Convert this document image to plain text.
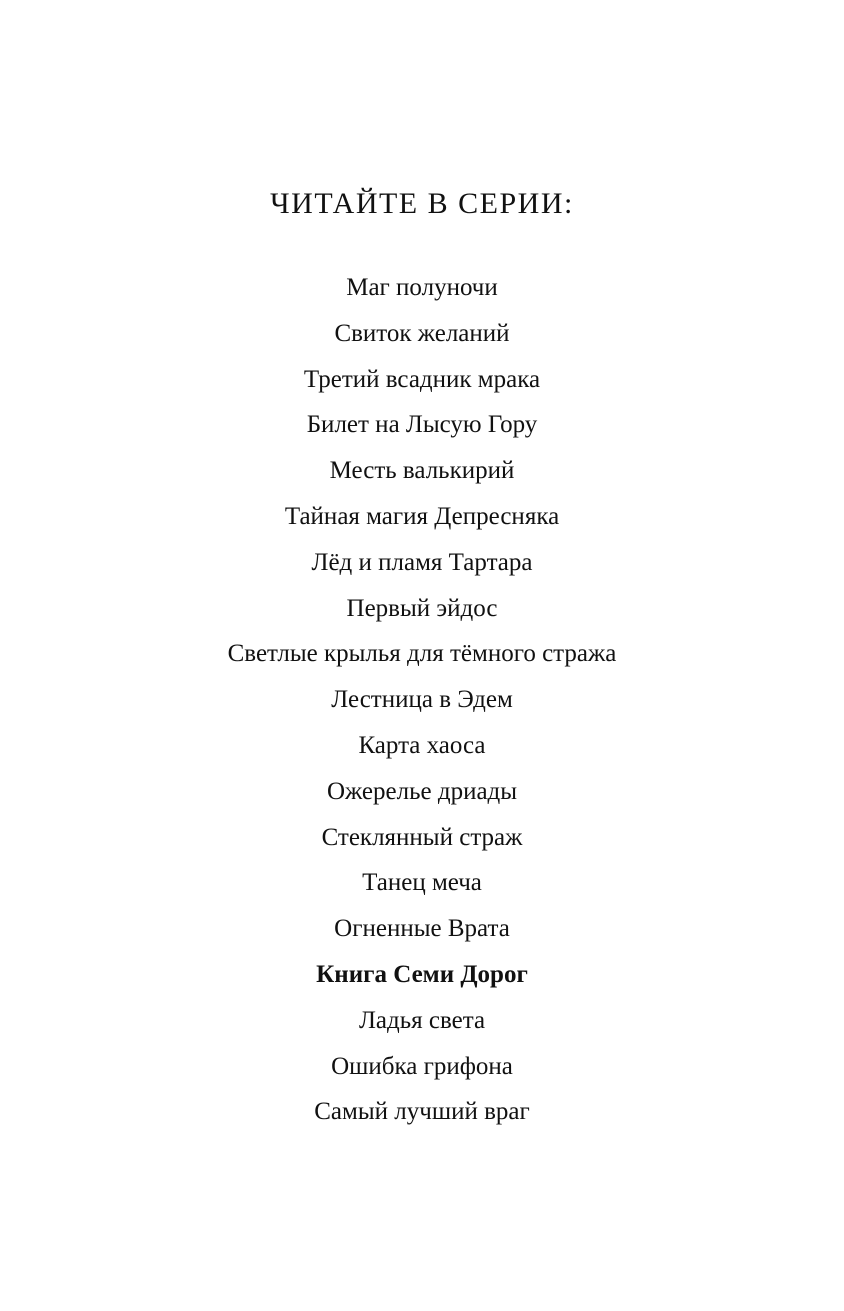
ЧИТАЙТЕ В СЕРИИ:
Маг полуночи
Свиток желаний
Третий всадник мрака
Билет на Лысую Гору
Месть валькирий
Тайная магия Депресняка
Лёд и пламя Тартара
Первый эйдос
Светлые крылья для тёмного стража
Лестница в Эдем
Карта хаоса
Ожерелье дриады
Стеклянный страж
Танец меча
Огненные Врата
Книга Семи Дорог
Ладья света
Ошибка грифона
Самый лучший враг
